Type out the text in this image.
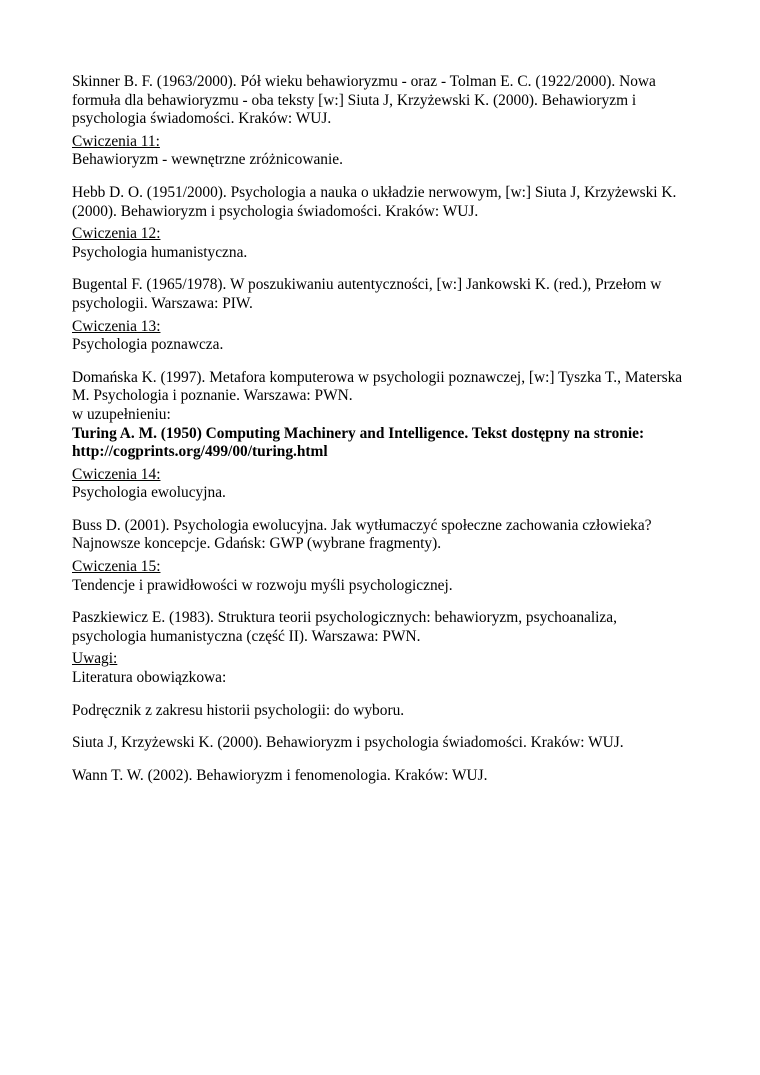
Skinner B. F. (1963/2000). Pół wieku behawioryzmu - oraz - Tolman E. C. (1922/2000). Nowa formuła dla behawioryzmu - oba teksty [w:] Siuta J, Krzyżewski K. (2000). Behawioryzm i psychologia świadomości. Kraków: WUJ.

Cwiczenia 11:
Behawioryzm - wewnętrzne zróżnicowanie.

Hebb D. O. (1951/2000). Psychologia a nauka o układzie nerwowym, [w:] Siuta J, Krzyżewski K. (2000). Behawioryzm i psychologia świadomości. Kraków: WUJ.

Cwiczenia 12:
Psychologia humanistyczna.

Bugental F. (1965/1978). W poszukiwaniu autentyczności, [w:] Jankowski K. (red.), Przełom w psychologii. Warszawa: PIW.

Cwiczenia 13:
Psychologia poznawcza.
Domańska K. (1997). Metafora komputerowa w psychologii poznawczej, [w:] Tyszka T., Materska M. Psychologia i poznanie. Warszawa: PWN.
w uzupełnieniu:
Turing A. M. (1950) Computing Machinery and Intelligence. Tekst dostępny na stronie:
http://cogprints.org/499/00/turing.html
Cwiczenia 14:
Psychologia ewolucyjna.

Buss D. (2001). Psychologia ewolucyjna. Jak wytłumaczyć społeczne zachowania człowieka? Najnowsze koncepcje. Gdańsk: GWP (wybrane fragmenty).

Cwiczenia 15:
Tendencje i prawidłowości w rozwoju myśli psychologicznej.

Paszkiewicz E. (1983). Struktura teorii psychologicznych: behawioryzm, psychoanaliza, psychologia humanistyczna (część II). Warszawa: PWN.

Uwagi:
Literatura obowiązkowa:

Podręcznik z zakresu historii psychologii: do wyboru.

Siuta J, Krzyżewski K. (2000). Behawioryzm i psychologia świadomości. Kraków: WUJ.

Wann T. W. (2002). Behawioryzm i fenomenologia. Kraków: WUJ.
